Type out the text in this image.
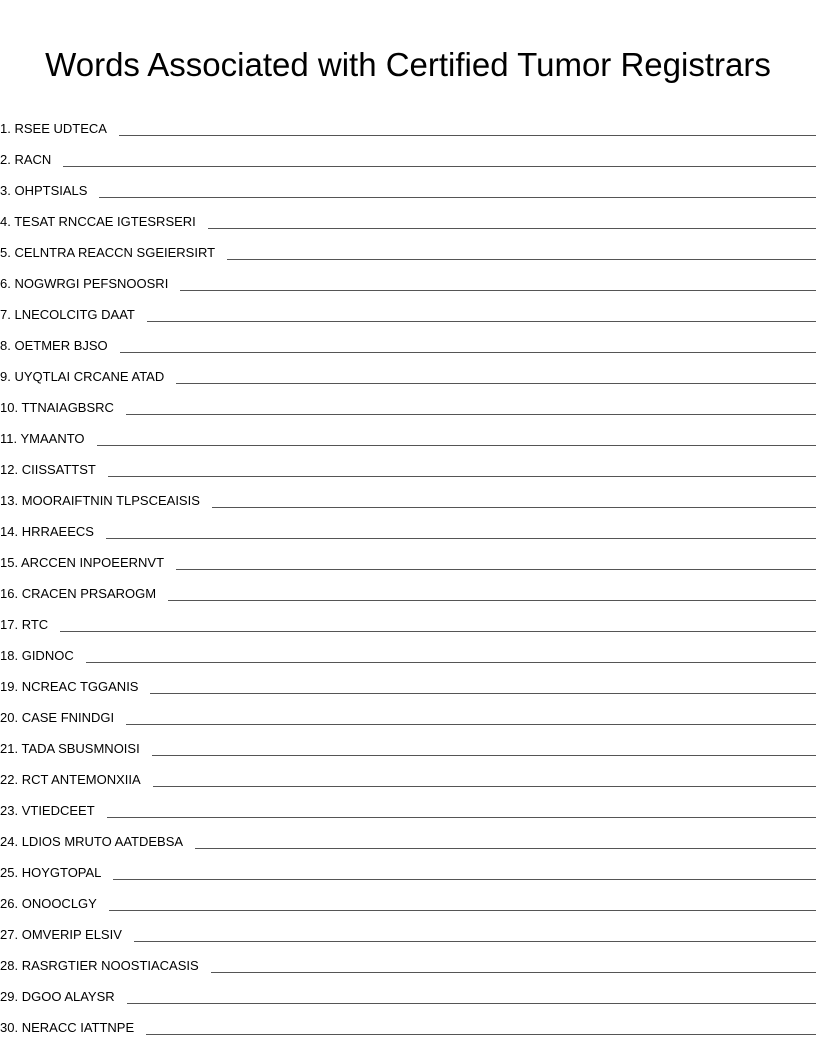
Words Associated with Certified Tumor Registrars
1 . RSEE UDTECA
2 . RACN
3 . OHPTSIALS
4 . TESAT RNCCAE IGTESRSERI
5 . CELNTRA REACCN SGEIERSIRT
6 . NOGWRGI PEFSNOOSRI
7 . LNECOLCITG DAAT
8 . OETMER BJSO
9 . UYQTLAI CRCANE ATAD
10 . TTNAIAGBSRC
11 . YMAANTO
12 . CIISSATTST
13 . MOORAIFTNIN TLPSCEAISIS
14 . HRRAEECS
15 . ARCCEN INPOEERNVT
16 . CRACEN PRSAROGM
17 . RTC
18 . GIDNOC
19 . NCREAC TGGANIS
20 . CASE FNINDGI
21 . TADA SBUSMNOISI
22 . RCT ANTEMONXIIA
23 . VTIEDCEET
24 . LDIOS MRUTO AATDEBSA
25 . HOYGTOPAL
26 . ONOOCLGY
27 . OMVERIP ELSIV
28 . RASRGTIER NOOSTIACASIS
29 . DGOO ALAYSR
30 . NERACC IATTNPE
